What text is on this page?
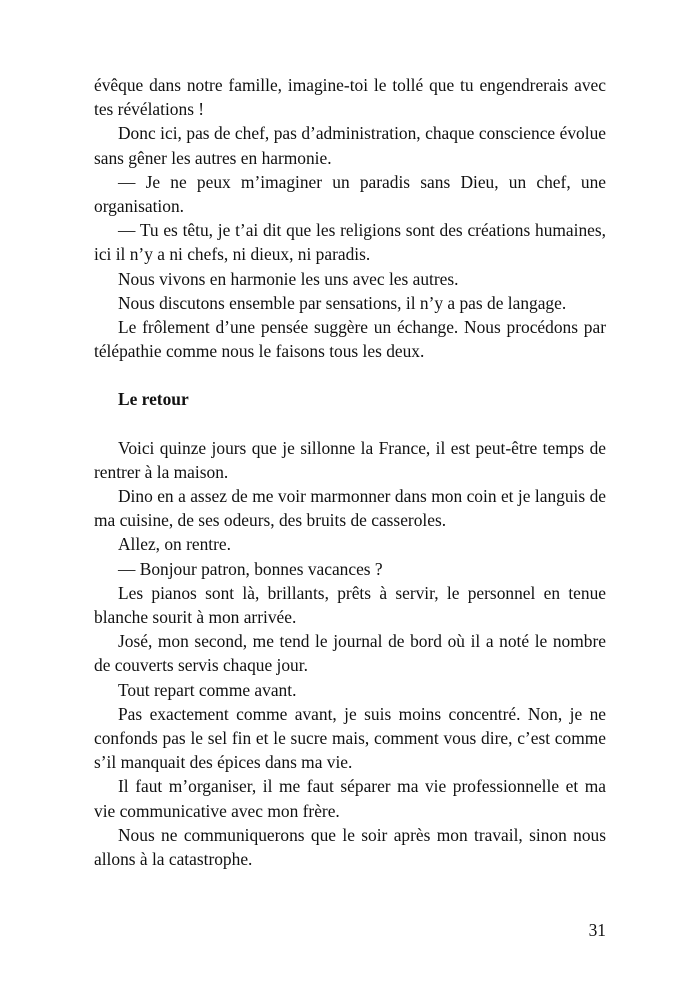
évêque dans notre famille, imagine-toi le tollé que tu engendrerais avec tes révélations !

Donc ici, pas de chef, pas d’administration, chaque conscience évolue sans gêner les autres en harmonie.

— Je ne peux m’imaginer un paradis sans Dieu, un chef, une organisation.

— Tu es têtu, je t’ai dit que les religions sont des créations humaines, ici il n’y a ni chefs, ni dieux, ni paradis.

Nous vivons en harmonie les uns avec les autres.

Nous discutons ensemble par sensations, il n’y a pas de langage.

Le frôlement d’une pensée suggère un échange. Nous procédons par télépathie comme nous le faisons tous les deux.

Le retour

Voici quinze jours que je sillonne la France, il est peut-être temps de rentrer à la maison.

Dino en a assez de me voir marmonner dans mon coin et je languis de ma cuisine, de ses odeurs, des bruits de casseroles.

Allez, on rentre.

— Bonjour patron, bonnes vacances ?

Les pianos sont là, brillants, prêts à servir, le personnel en tenue blanche sourit à mon arrivée.

José, mon second, me tend le journal de bord où il a noté le nombre de couverts servis chaque jour.

Tout repart comme avant.

Pas exactement comme avant, je suis moins concentré. Non, je ne confonds pas le sel fin et le sucre mais, comment vous dire, c’est comme s’il manquait des épices dans ma vie.

Il faut m’organiser, il me faut séparer ma vie professionnelle et ma vie communicative avec mon frère.

Nous ne communiquerons que le soir après mon travail, sinon nous allons à la catastrophe.

31
